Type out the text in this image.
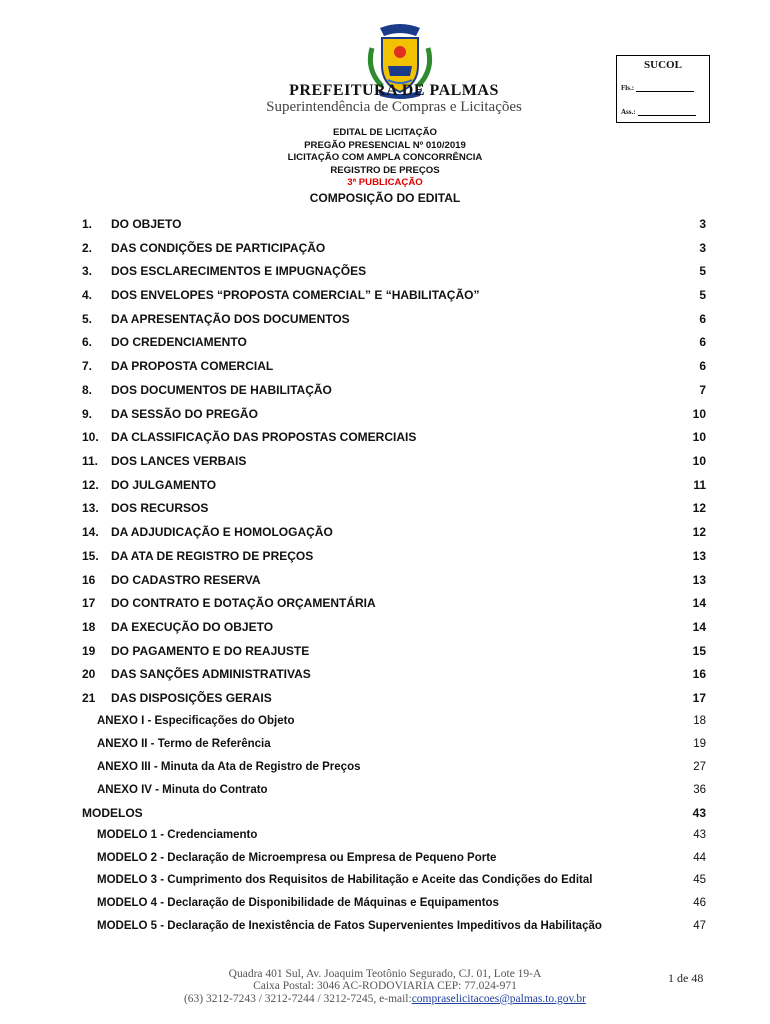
PREFEITURA DE PALMAS
Superintendência de Compras e Licitações
SUCOL
Fls.:
Ass.:
EDITAL DE LICITAÇÃO
PREGÃO PRESENCIAL Nº 010/2019
LICITAÇÃO COM AMPLA CONCORRÊNCIA
REGISTRO DE PREÇOS
3ª PUBLICAÇÃO
COMPOSIÇÃO DO EDITAL
1. DO OBJETO	3
2. DAS CONDIÇÕES DE PARTICIPAÇÃO	3
3. DOS ESCLARECIMENTOS E IMPUGNAÇÕES	5
4. DOS ENVELOPES “PROPOSTA COMERCIAL” E “HABILITAÇÃO”	5
5. DA APRESENTAÇÃO DOS DOCUMENTOS	6
6. DO CREDENCIAMENTO	6
7. DA PROPOSTA COMERCIAL	6
8. DOS DOCUMENTOS DE HABILITAÇÃO	7
9. DA SESSÃO DO PREGÃO	10
10. DA CLASSIFICAÇÃO DAS PROPOSTAS COMERCIAIS	10
11. DOS LANCES VERBAIS	10
12. DO JULGAMENTO	11
13. DOS RECURSOS	12
14. DA ADJUDICAÇÃO E HOMOLOGAÇÃO	12
15. DA ATA DE REGISTRO DE PREÇOS	13
16 DO CADASTRO RESERVA	13
17 DO CONTRATO E DOTAÇÃO ORÇAMENTÁRIA	14
18 DA EXECUÇÃO DO OBJETO	14
19 DO PAGAMENTO E DO REAJUSTE	15
20 DAS SANÇÕES ADMINISTRATIVAS	16
21 DAS DISPOSIÇÕES GERAIS	17
ANEXO I - Especificações do Objeto	18
ANEXO II - Termo de Referência	19
ANEXO III - Minuta da Ata de Registro de Preços	27
ANEXO IV - Minuta do Contrato	36
MODELOS	43
MODELO 1 - Credenciamento	43
MODELO 2 - Declaração de Microempresa ou Empresa de Pequeno Porte	44
MODELO 3 - Cumprimento dos Requisitos de Habilitação e Aceite das Condições do Edital	45
MODELO 4 - Declaração de Disponibilidade de Máquinas e Equipamentos	46
MODELO 5 - Declaração de Inexistência de Fatos Supervenientes Impeditivos da Habilitação	47
Quadra 401 Sul, Av. Joaquim Teotônio Segurado, CJ. 01, Lote 19-A
Caixa Postal: 3046 AC-RODOVIARIA CEP: 77.024-971
(63) 3212-7243 / 3212-7244 / 3212-7245, e-mail:compraselicitacoes@palmas.to.gov.br
1 de 48
